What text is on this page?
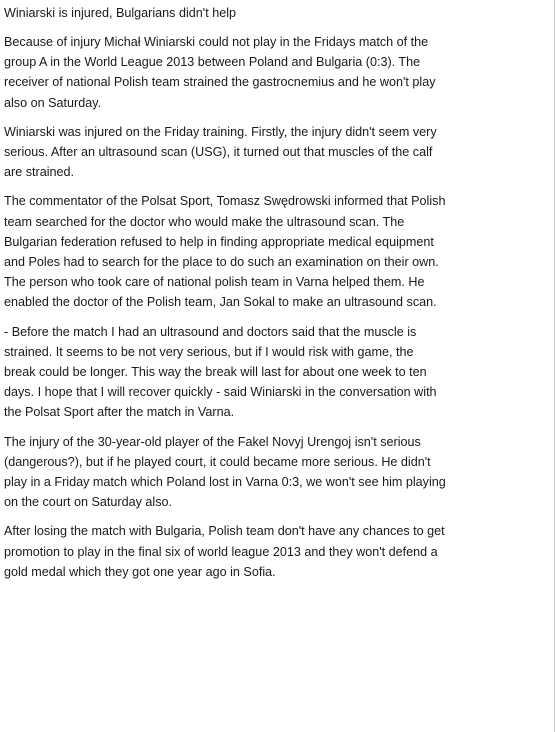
Winiarski is injured, Bulgarians didn't help
Because of injury Michał Winiarski could not play in the Fridays match of the
group A in the World League 2013 between Poland and Bulgaria (0:3). The
receiver of national Polish team strained the gastrocnemius and he won't play
also on Saturday.
Winiarski was injured on the Friday training. Firstly, the injury didn't seem very
serious. After an ultrasound scan (USG), it turned out that muscles of the calf
are strained.
The commentator of the Polsat Sport, Tomasz Swędrowski informed that Polish
team searched for the doctor who would make the ultrasound scan. The
Bulgarian federation refused to help in finding appropriate medical equipment
and Poles had to search for the place to do such an examination on their own.
The person who took care of national polish team in Varna helped them. He
enabled the doctor of the Polish team, Jan Sokal to make an ultrasound scan.
- Before the match I had an ultrasound and doctors said that the muscle is
strained. It seems to be not very serious, but if I would risk with game, the
break could be longer. This way the break will last for about one week to ten
days. I hope that I will recover quickly - said Winiarski in the conversation with
the Polsat Sport after the match in Varna.
The injury of the 30-year-old player of the Fakel Novyj Urengoj isn't serious
(dangerous?), but if he played court, it could became more serious. He didn't
play in a Friday match which Poland lost in Varna 0:3, we won't see him playing
on the court on Saturday also.
After losing the match with Bulgaria, Polish team don't have any chances to get
promotion to play in the final six of world league 2013 and they won't defend a
gold medal which they got one year ago in Sofia.
